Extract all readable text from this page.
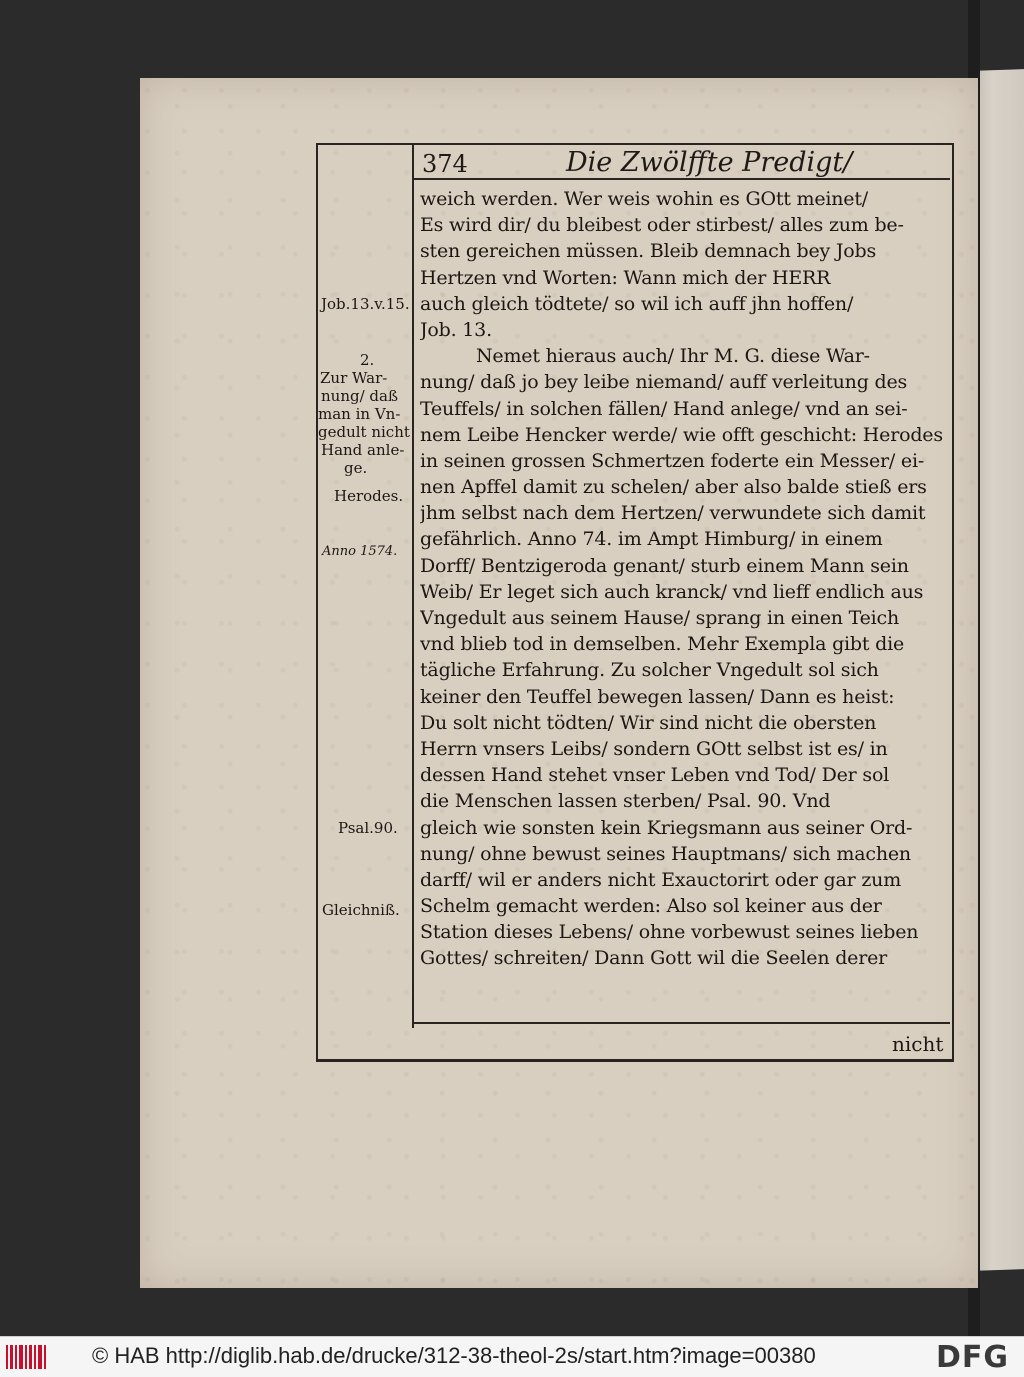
374	Die Zwölffte Predigt/
weich werden. Wer weis wohin es GOtt meinet/
Es wird dir/ du bleibest oder stirbest/ alles zum be-
sten gereichen müssen. Bleib demnach bey Jobs
Hertzen vnd Worten: Wann mich der HERR
auch gleich tödtete/ so wil ich auff jhn hoffen/
Job. 13.
Nemet hieraus auch/ Ihr M. G. diese War-
nung/ daß jo bey leibe niemand/ auff verleitung des
Teuffels/ in solchen fällen/ Hand anlege/ vnd an sei-
nem Leibe Hencker werde/ wie offt geschicht: Herodes
in seinen grossen Schmertzen foderte ein Messer/ ei-
nen Apffel damit zu schelen/ aber also balde stieß ers
jhm selbst nach dem Hertzen/ verwundete sich damit
gefährlich. Anno 74. im Ampt Himburg/ in einem
Dorff/ Bentzigeroda genant/ sturb einem Mann sein
Weib/ Er leget sich auch kranck/ vnd lieff endlich aus
Vngedult aus seinem Hause/ sprang in einen Teich
vnd blieb tod in demselben. Mehr Exempla gibt die
tägliche Erfahrung. Zu solcher Vngedult sol sich
keiner den Teuffel bewegen lassen/ Dann es heist:
Du solt nicht tödten/ Wir sind nicht die obersten
Herrn vnsers Leibs/ sondern GOtt selbst ist es/ in
dessen Hand stehet vnser Leben vnd Tod/ Der sol
die Menschen lassen sterben/ Psal. 90. Vnd
gleich wie sonsten kein Kriegsmann aus seiner Ord-
nung/ ohne bewust seines Hauptmans/ sich machen
darff/ wil er anders nicht Exauctorirt oder gar zum
Schelm gemacht werden: Also sol keiner aus der
Station dieses Lebens/ ohne vorbewust seines lieben
Gottes/ schreiten/ Dann Gott wil die Seelen derer
Job.13.v.15.
2.
Zur War-
nung/ daß
man in Vn-
gedult nicht
Hand anle-
ge.
Herodes.
Anno 1574.
Psal.90.
Gleichniß.
nicht
© HAB http://diglib.hab.de/drucke/312-38-theol-2s/start.htm?image=00380	DFG
